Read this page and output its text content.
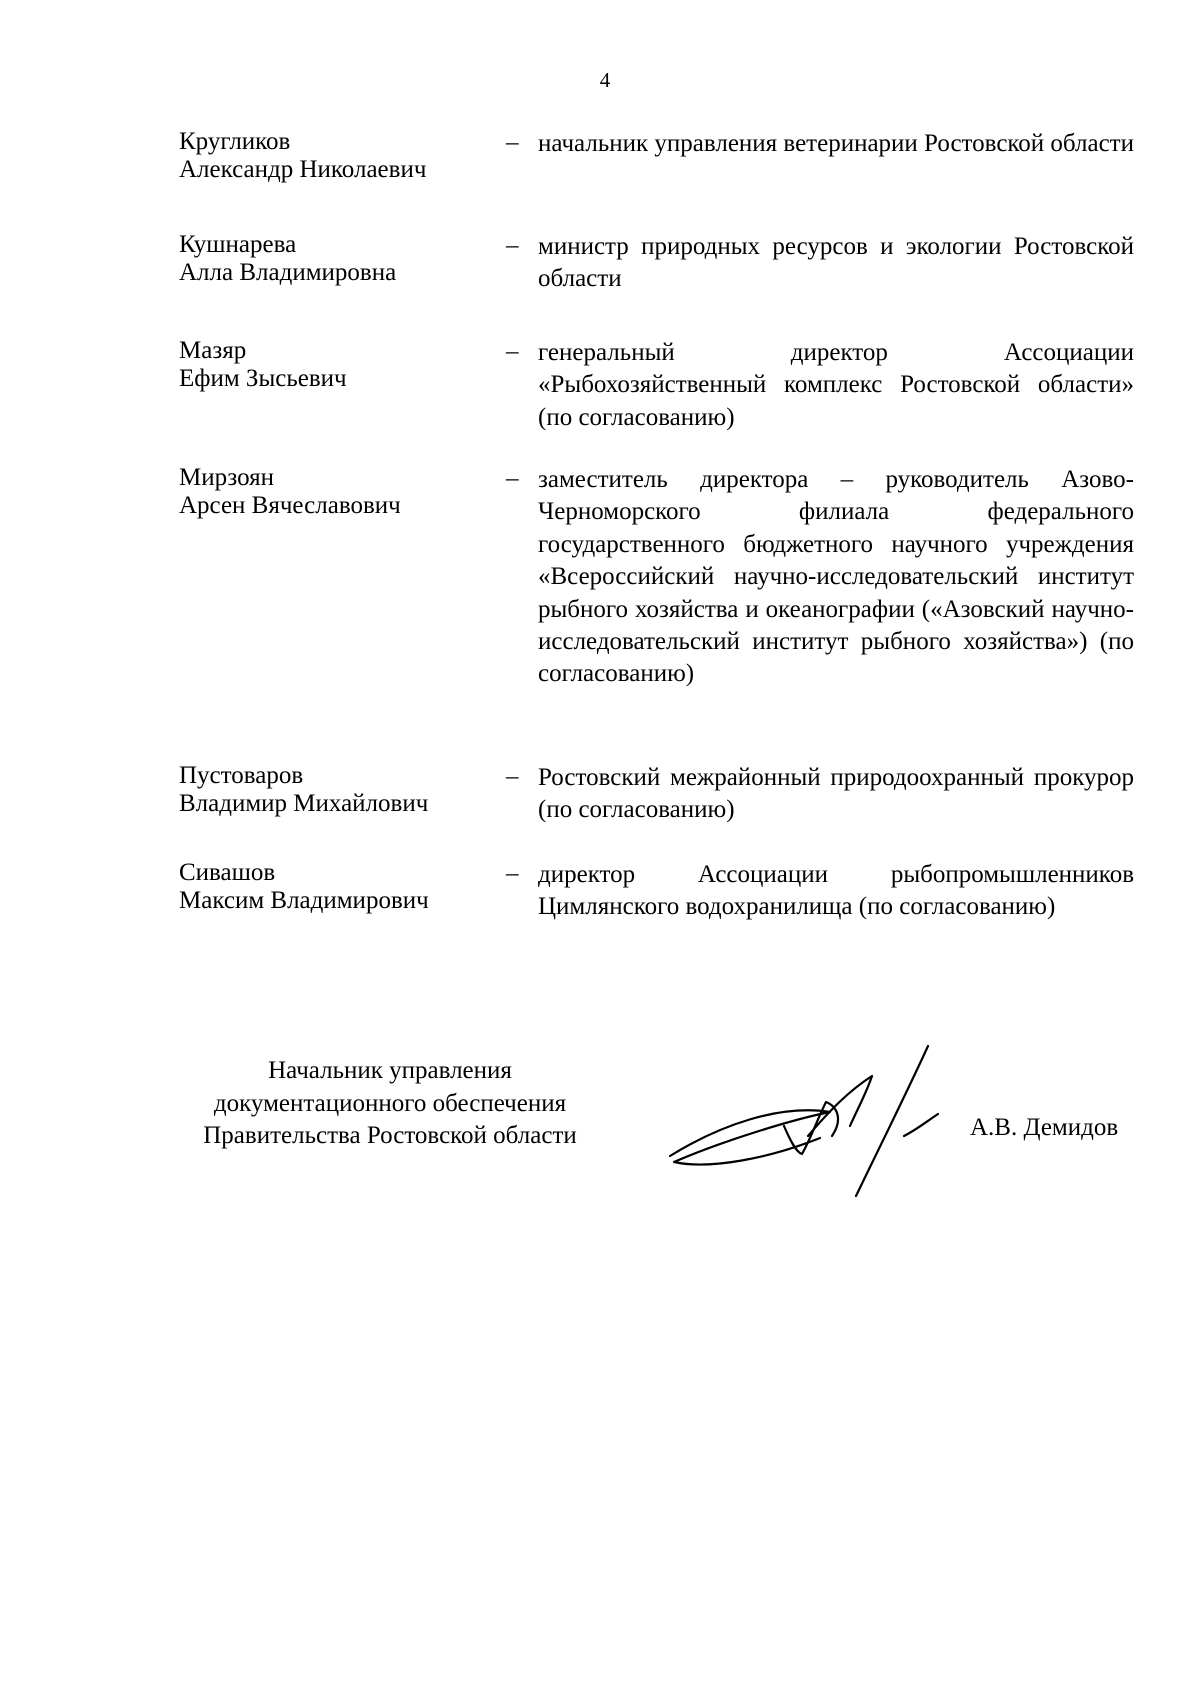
4
Кругликов
Александр Николаевич
– начальник управления ветеринарии Ростовской области
Кушнарева
Алла Владимировна
– министр природных ресурсов и экологии Ростовской области
Мазяр
Ефим Зысьевич
– генеральный директор Ассоциации «Рыбохозяйственный комплекс Ростовской области» (по согласованию)
Мирзоян
Арсен Вячеславович
– заместитель директора – руководитель Азово-Черноморского филиала федерального государственного бюджетного научного учреждения «Всероссийский научно-исследовательский институт рыбного хозяйства и океанографии («Азовский научно-исследовательский институт рыбного хозяйства») (по согласованию)
Пустоваров
Владимир Михайлович
– Ростовский межрайонный природоохранный прокурор (по согласованию)
Сивашов
Максим Владимирович
– директор Ассоциации рыбопромышленников Цимлянского водохранилища (по согласованию)
Начальник управления
документационного обеспечения
Правительства Ростовской области	А.В. Демидов
